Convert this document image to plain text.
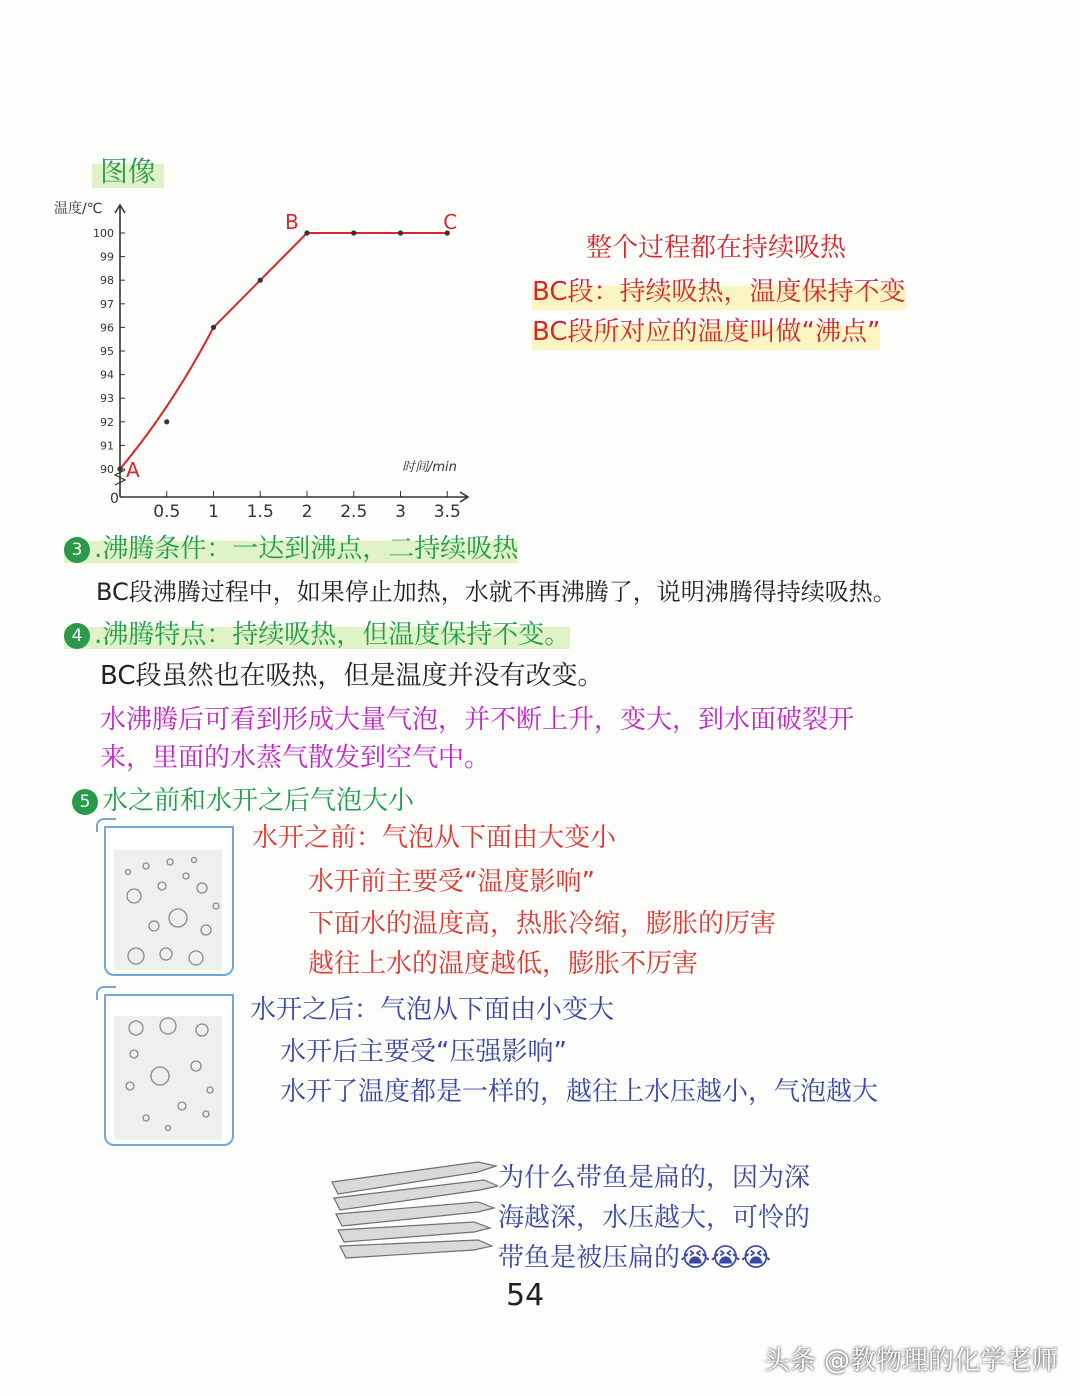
图像
温度/℃
时间/min
0
90
91
92
93
94
95
96
97
98
99
100
0.5 1 1.5 2 2.5 3 3.5
A
B	C
整个过程都在持续吸热
BC段：持续吸热，温度保持不变
BC段所对应的温度叫做“沸点”
3 .沸腾条件：一达到沸点，二持续吸热
BC段沸腾过程中，如果停止加热，水就不再沸腾了，说明沸腾得持续吸热。
4 .沸腾特点：持续吸热，但温度保持不变。
BC段虽然也在吸热，但是温度并没有改变。
水沸腾后可看到形成大量气泡，并不断上升，变大，到水面破裂开
来，里面的水蒸气散发到空气中。
5 水之前和水开之后气泡大小
水开之前：气泡从下面由大变小
水开前主要受“温度影响”
下面水的温度高，热胀冷缩，膨胀的厉害
越往上水的温度越低，膨胀不厉害
水开之后：气泡从下面由小变大
水开后主要受“压强影响”
水开了温度都是一样的，越往上水压越小，气泡越大
为什么带鱼是扁的，因为深
海越深，水压越大，可怜的
带鱼是被压扁的😭😭😭
54
头条 @教物理的化学老师
